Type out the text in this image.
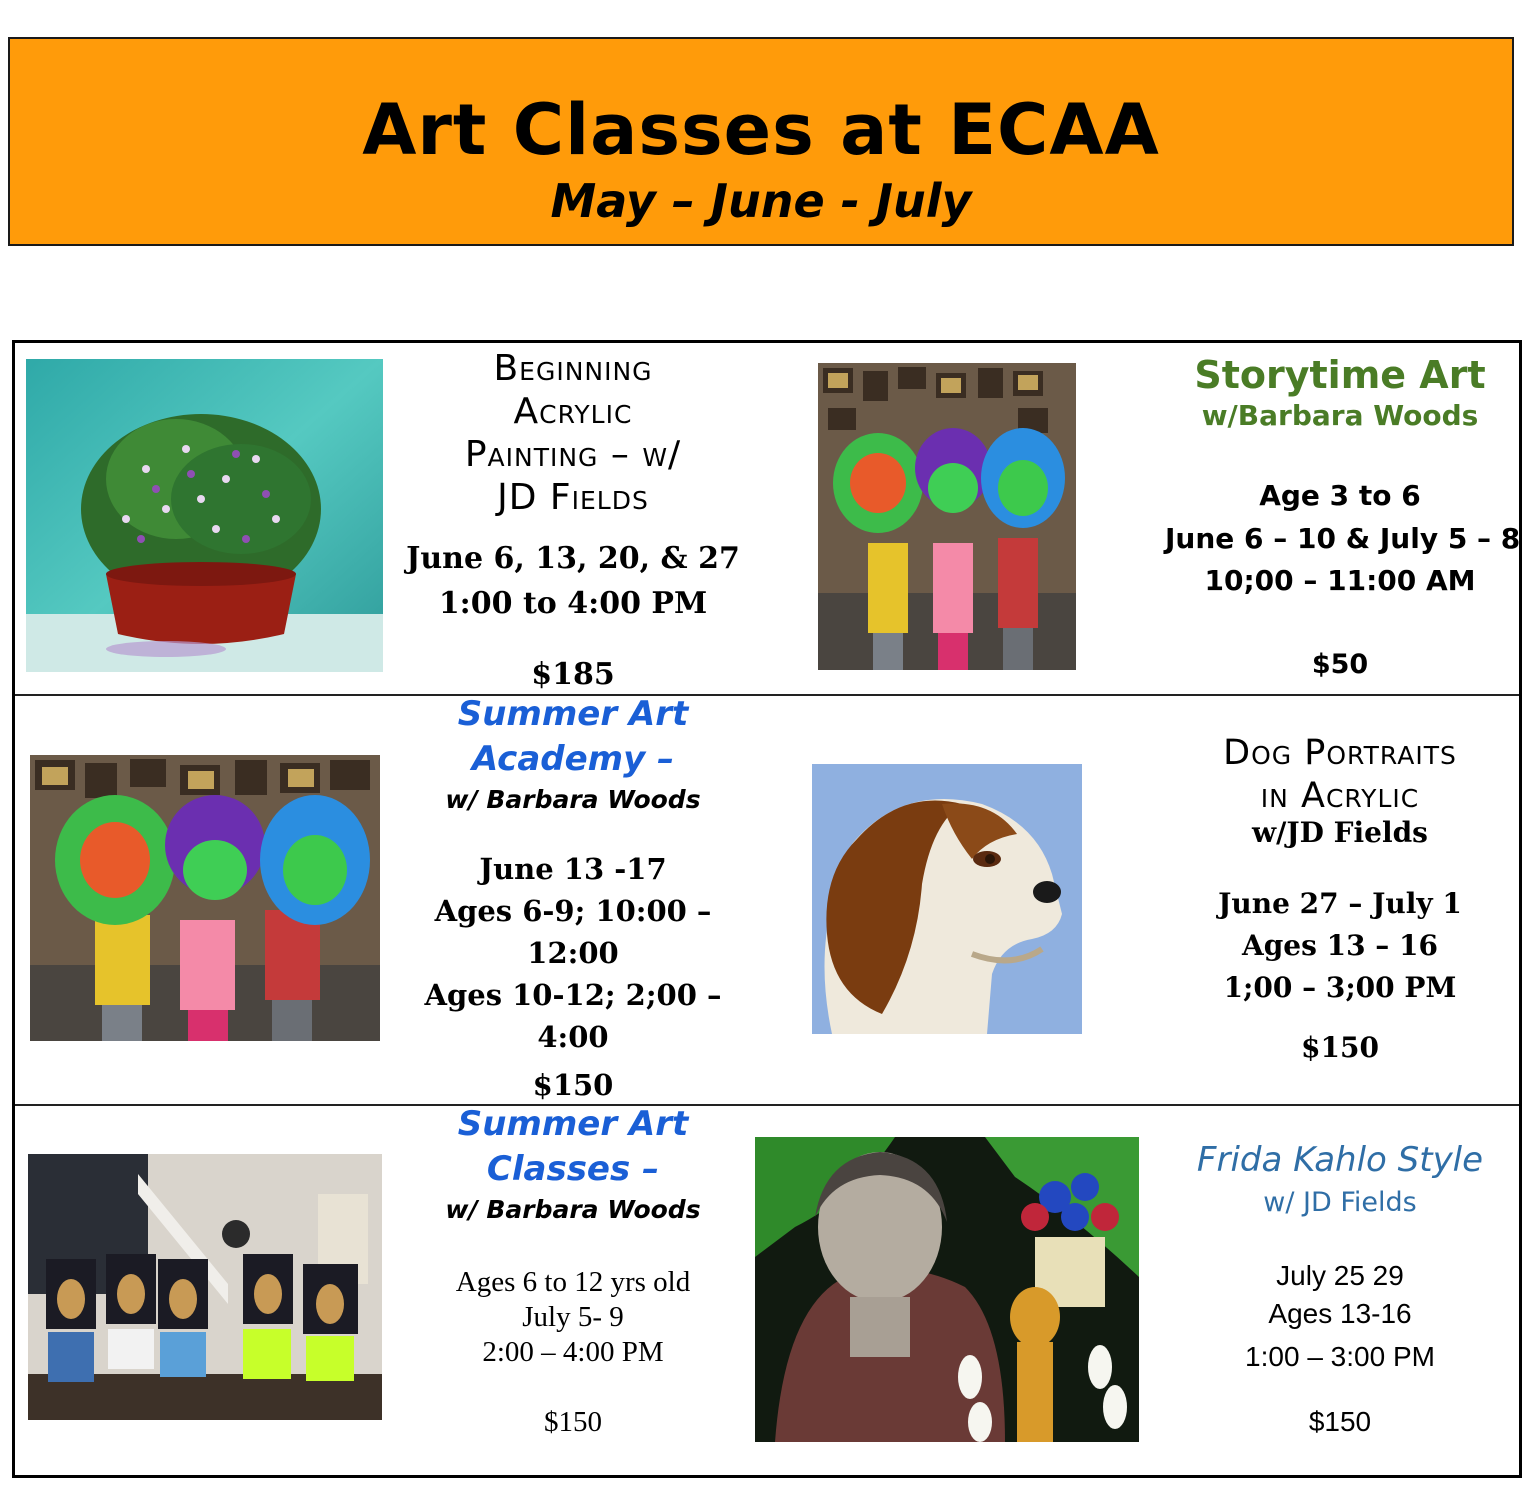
Art Classes at ECAA
May – June - July
Beginning
Acrylic
Painting – w/
JD Fields
June 6, 13, 20, & 27
1:00 to 4:00 PM
$185
Storytime Art
w/Barbara Woods
Age 3 to 6
June 6 – 10 & July 5 – 8
10;00 – 11:00 AM
$50
Summer Art
Academy –
w/ Barbara Woods
June 13 -17
Ages 6-9; 10:00 –
12:00
Ages 10-12; 2;00 –
4:00
$150
Dog Portraits
in Acrylic
w/JD Fields
June 27 – July 1
Ages 13 – 16
1;00 – 3;00 PM
$150
Summer Art
Classes –
w/ Barbara Woods
Ages 6 to 12 yrs old
July 5- 9
2:00 – 4:00 PM
$150
Frida Kahlo Style
w/ JD Fields
July 25 29
Ages 13-16
1:00 – 3:00 PM
$150
